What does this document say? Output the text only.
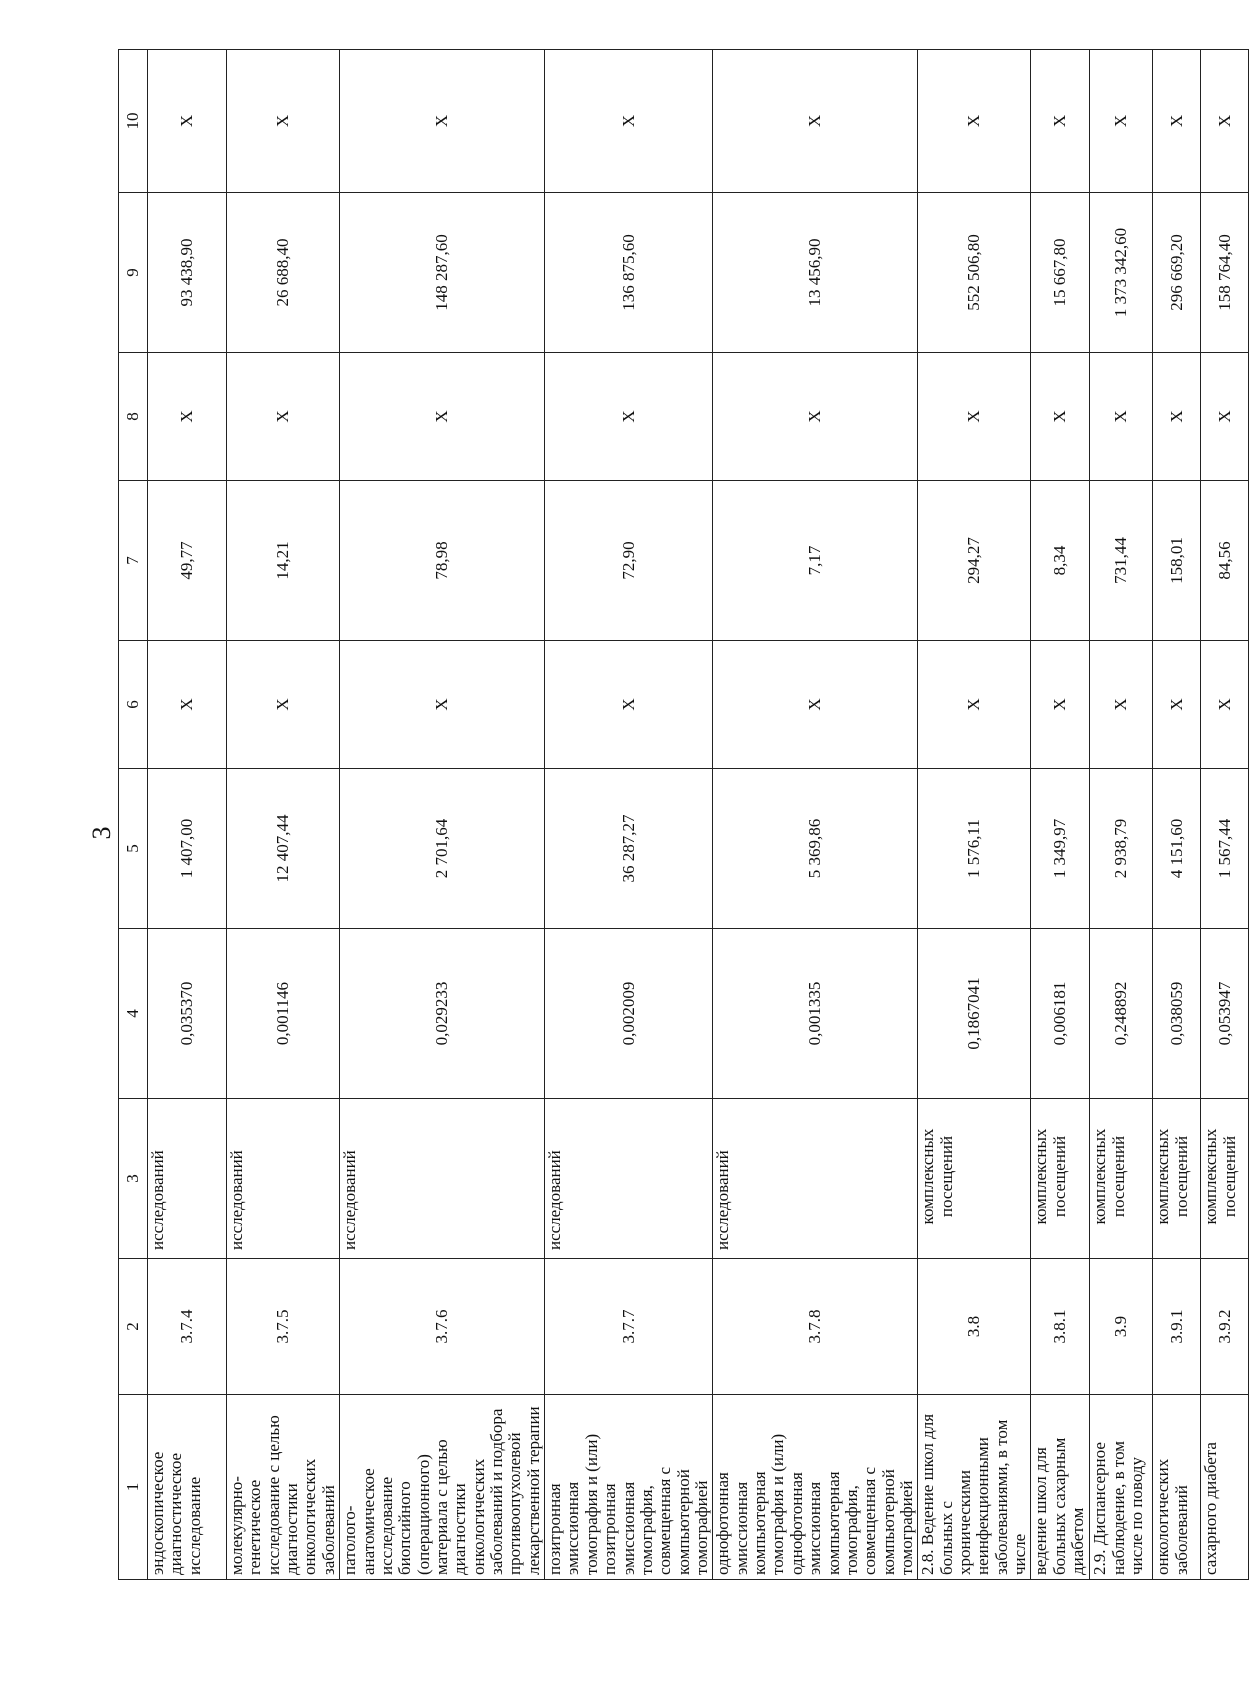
3
1	2	3	4	5	6	7	8	9	10
эндоскопическое диагностическое исследование	3.7.4	исследований	0,035370	1 407,00	X	49,77	X	93 438,90	X
молекулярно-генетическое исследование с целью диагностики онкологических заболеваний	3.7.5	исследований	0,001146	12 407,44	X	14,21	X	26 688,40	X
патолого-анатомическое исследование биопсийного (операционного) материала с целью диагностики онкологических заболеваний и подбора противоопухолевой лекарственной терапии	3.7.6	исследований	0,029233	2 701,64	X	78,98	X	148 287,60	X
позитронная эмиссионная томография и (или) позитронная эмиссионная томография, совмещенная с компьютерной томографией	3.7.7	исследований	0,002009	36 287,27	X	72,90	X	136 875,60	X
однофотонная эмиссионная компьютерная томография и (или) однофотонная эмиссионная компьютерная томография, совмещенная с компьютерной томографией	3.7.8	исследований	0,001335	5 369,86	X	7,17	X	13 456,90	X
2.8. Ведение школ для больных с хроническими неинфекционными заболеваниями, в том числе	3.8	комплексных посещений	0,1867041	1 576,11	X	294,27	X	552 506,80	X
ведение школ для больных сахарным диабетом	3.8.1	комплексных посещений	0,006181	1 349,97	X	8,34	X	15 667,80	X
2.9. Диспансерное наблюдение, в том числе по поводу	3.9	комплексных посещений	0,248892	2 938,79	X	731,44	X	1 373 342,60	X
онкологических заболеваний	3.9.1	комплексных посещений	0,038059	4 151,60	X	158,01	X	296 669,20	X
сахарного диабета	3.9.2	комплексных посещений	0,053947	1 567,44	X	84,56	X	158 764,40	X
